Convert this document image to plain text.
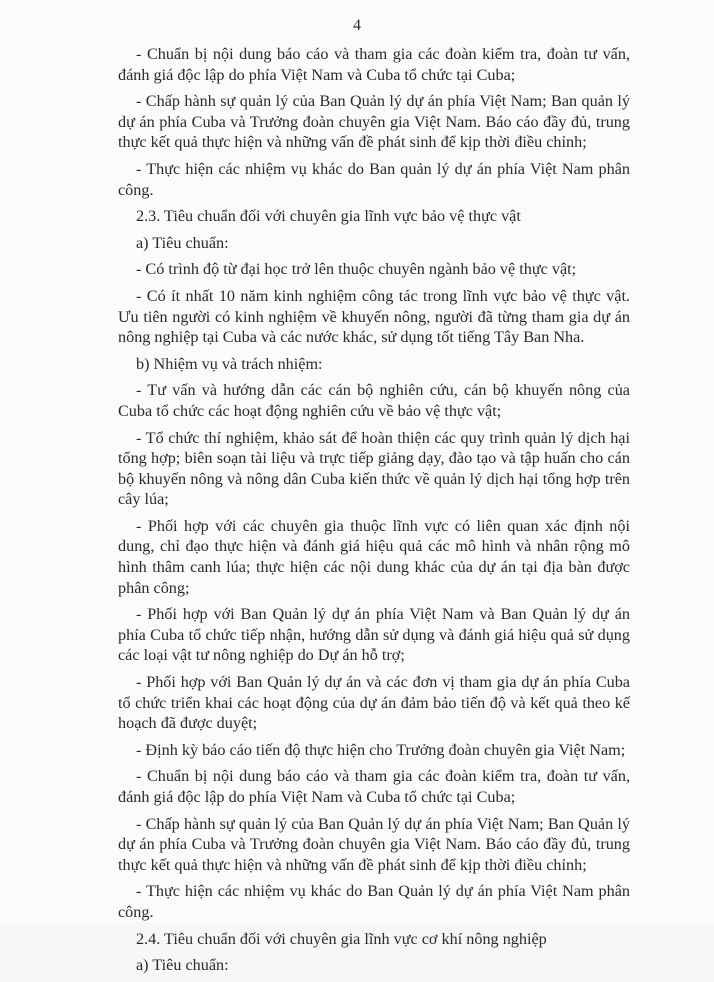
4

- Chuẩn bị nội dung báo cáo và tham gia các đoàn kiểm tra, đoàn tư vấn, đánh giá độc lập do phía Việt Nam và Cuba tổ chức tại Cuba;

- Chấp hành sự quản lý của Ban Quản lý dự án phía Việt Nam; Ban quản lý dự án phía Cuba và Trưởng đoàn chuyên gia Việt Nam. Báo cáo đầy đủ, trung thực kết quả thực hiện và những vấn đề phát sinh để kịp thời điều chỉnh;

- Thực hiện các nhiệm vụ khác do Ban quản lý dự án phía Việt Nam phân công.

2.3. Tiêu chuẩn đối với chuyên gia lĩnh vực bảo vệ thực vật

a) Tiêu chuẩn:

- Có trình độ từ đại học trở lên thuộc chuyên ngành bảo vệ thực vật;

- Có ít nhất 10 năm kinh nghiệm công tác trong lĩnh vực bảo vệ thực vật. Ưu tiên người có kinh nghiệm về khuyến nông, người đã từng tham gia dự án nông nghiệp tại Cuba và các nước khác, sử dụng tốt tiếng Tây Ban Nha.

b) Nhiệm vụ và trách nhiệm:

- Tư vấn và hướng dẫn các cán bộ nghiên cứu, cán bộ khuyến nông của Cuba tổ chức các hoạt động nghiên cứu về bảo vệ thực vật;

- Tổ chức thí nghiệm, khảo sát để hoàn thiện các quy trình quản lý dịch hại tổng hợp; biên soạn tài liệu và trực tiếp giảng dạy, đào tạo và tập huấn cho cán bộ khuyến nông và nông dân Cuba kiến thức về quản lý dịch hại tổng hợp trên cây lúa;

- Phối hợp với các chuyên gia thuộc lĩnh vực có liên quan xác định nội dung, chỉ đạo thực hiện và đánh giá hiệu quả các mô hình và nhân rộng mô hình thâm canh lúa; thực hiện các nội dung khác của dự án tại địa bàn được phân công;

- Phối hợp với Ban Quản lý dự án phía Việt Nam và Ban Quản lý dự án phía Cuba tổ chức tiếp nhận, hướng dẫn sử dụng và đánh giá hiệu quả sử dụng các loại vật tư nông nghiệp do Dự án hỗ trợ;

- Phối hợp với Ban Quản lý dự án và các đơn vị tham gia dự án phía Cuba tổ chức triển khai các hoạt động của dự án đảm bảo tiến độ và kết quả theo kế hoạch đã được duyệt;

- Định kỳ báo cáo tiến độ thực hiện cho Trưởng đoàn chuyên gia Việt Nam;

- Chuẩn bị nội dung báo cáo và tham gia các đoàn kiểm tra, đoàn tư vấn, đánh giá độc lập do phía Việt Nam và Cuba tổ chức tại Cuba;

- Chấp hành sự quản lý của Ban Quản lý dự án phía Việt Nam; Ban Quản lý dự án phía Cuba và Trưởng đoàn chuyên gia Việt Nam. Báo cáo đầy đủ, trung thực kết quả thực hiện và những vấn đề phát sinh để kịp thời điều chỉnh;

- Thực hiện các nhiệm vụ khác do Ban Quản lý dự án phía Việt Nam phân công.

2.4. Tiêu chuẩn đối với chuyên gia lĩnh vực cơ khí nông nghiệp

a) Tiêu chuẩn:
